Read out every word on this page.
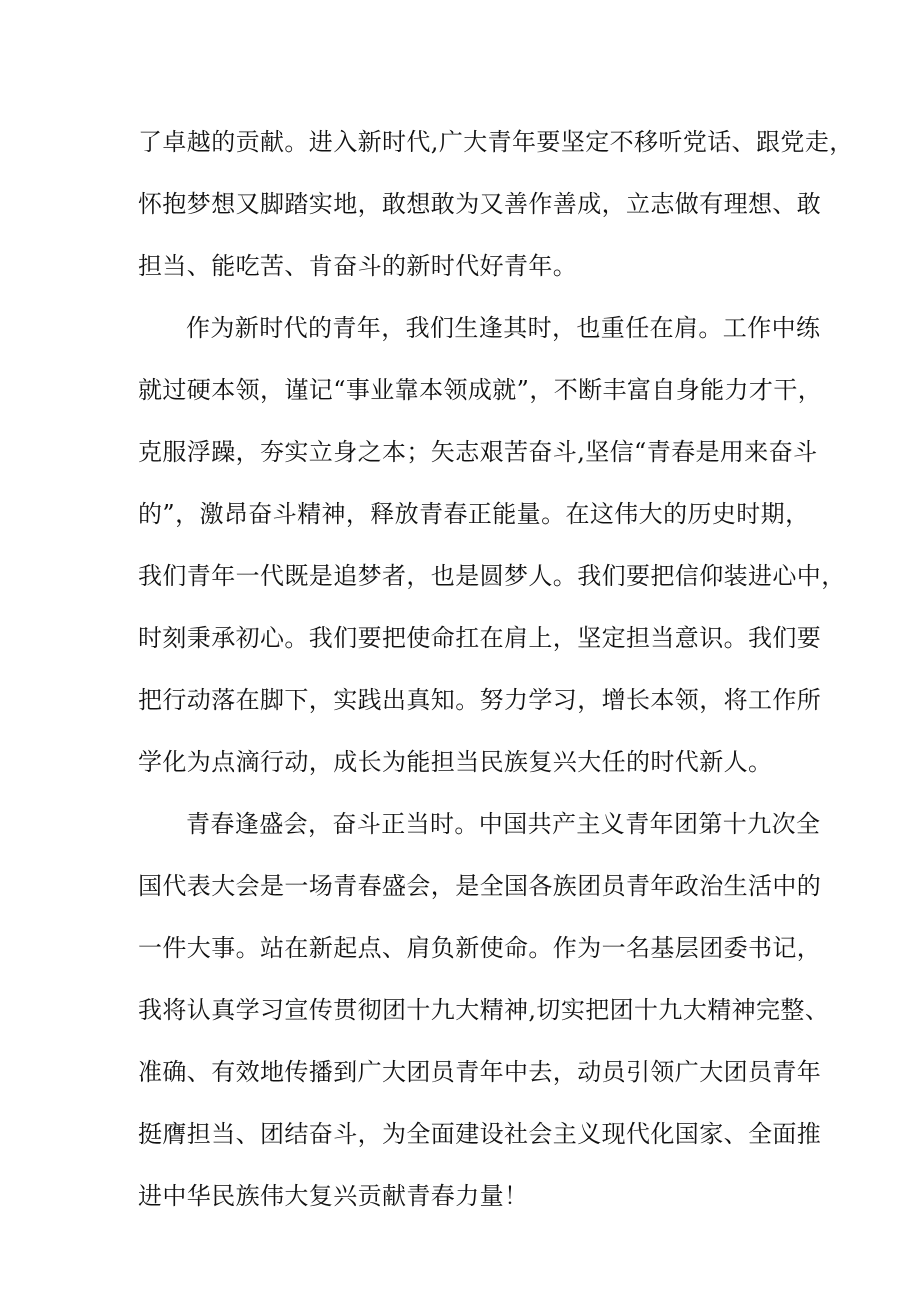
了卓越的贡献。进入新时代,广大青年要坚定不移听党话、跟党走，
怀抱梦想又脚踏实地，敢想敢为又善作善成，立志做有理想、敢
担当、能吃苦、肯奋斗的新时代好青年。
作为新时代的青年，我们生逢其时，也重任在肩。工作中练
就过硬本领，谨记“事业靠本领成就”，不断丰富自身能力才干，
克服浮躁，夯实立身之本；矢志艰苦奋斗,坚信“青春是用来奋斗
的”，激昂奋斗精神，释放青春正能量。在这伟大的历史时期，
我们青年一代既是追梦者，也是圆梦人。我们要把信仰装进心中，
时刻秉承初心。我们要把使命扛在肩上，坚定担当意识。我们要
把行动落在脚下，实践出真知。努力学习，增长本领，将工作所
学化为点滴行动，成长为能担当民族复兴大任的时代新人。
青春逢盛会，奋斗正当时。中国共产主义青年团第十九次全
国代表大会是一场青春盛会，是全国各族团员青年政治生活中的
一件大事。站在新起点、肩负新使命。作为一名基层团委书记，
我将认真学习宣传贯彻团十九大精神,切实把团十九大精神完整、
准确、有效地传播到广大团员青年中去，动员引领广大团员青年
挺膺担当、团结奋斗，为全面建设社会主义现代化国家、全面推
进中华民族伟大复兴贡献青春力量！
